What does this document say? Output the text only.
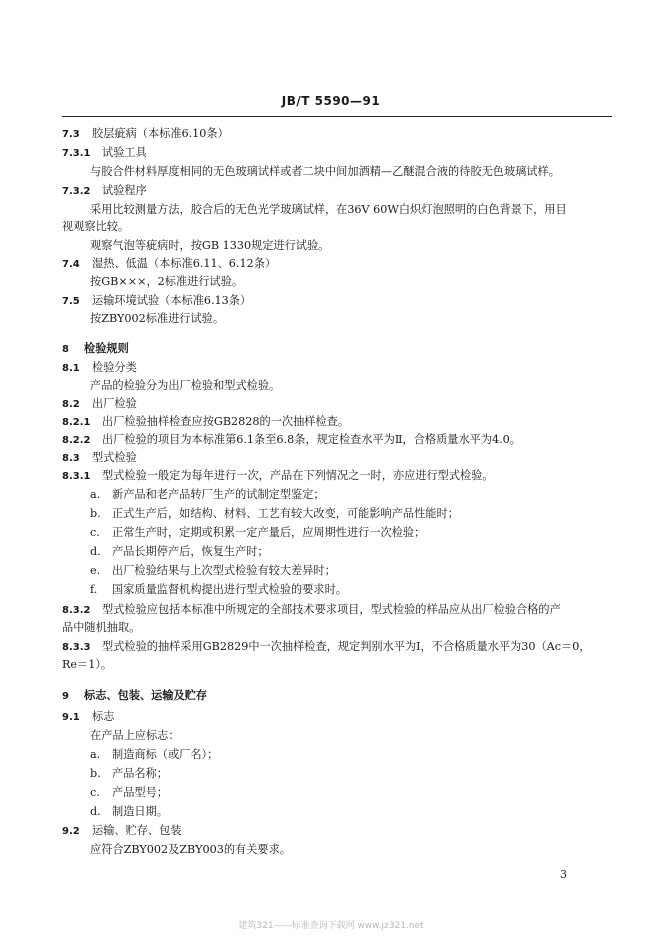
JB/T 5590—91
7.3 胶层疵病（本标准6.10条）
7.3.1 试验工具
与胶合件材料厚度相同的无色玻璃试样或者二块中间加酒精—乙醚混合液的待胶无色玻璃试样。
7.3.2 试验程序
采用比较测量方法，胶合后的无色光学玻璃试样，在36V 60W白炽灯泡照明的白色背景下，用目
视观察比较。
观察气泡等疵病时，按GB 1330规定进行试验。
7.4 湿热、低温（本标准6.11、6.12条）
按GB×××，2标准进行试验。
7.5 运输环境试验（本标准6.13条）
按ZBY002标准进行试验。
8 检验规则
8.1 检验分类
产品的检验分为出厂检验和型式检验。
8.2 出厂检验
8.2.1 出厂检验抽样检查应按GB2828的一次抽样检查。
8.2.2 出厂检验的项目为本标准第6.1条至6.8条，规定检查水平为Ⅱ，合格质量水平为4.0。
8.3 型式检验
8.3.1 型式检验一般定为每年进行一次，产品在下列情况之一时，亦应进行型式检验。
a. 新产品和老产品转厂生产的试制定型鉴定；
b. 正式生产后，如结构、材料、工艺有较大改变，可能影响产品性能时；
c. 正常生产时，定期或积累一定产量后，应周期性进行一次检验；
d. 产品长期停产后，恢复生产时；
e. 出厂检验结果与上次型式检验有较大差异时；
f. 国家质量监督机构提出进行型式检验的要求时。
8.3.2 型式检验应包括本标准中所规定的全部技术要求项目，型式检验的样品应从出厂检验合格的产
品中随机抽取。
8.3.3 型式检验的抽样采用GB2829中一次抽样检查，规定判别水平为Ⅰ，不合格质量水平为30（Ac＝0，
Re＝1）。
9 标志、包装、运输及贮存
9.1 标志
在产品上应标志：
a. 制造商标（或厂名）；
b. 产品名称；
c. 产品型号；
d. 制造日期。
9.2 运输、贮存、包装
应符合ZBY002及ZBY003的有关要求。
3
建筑321——标准查询下载网 www.jz321.net
